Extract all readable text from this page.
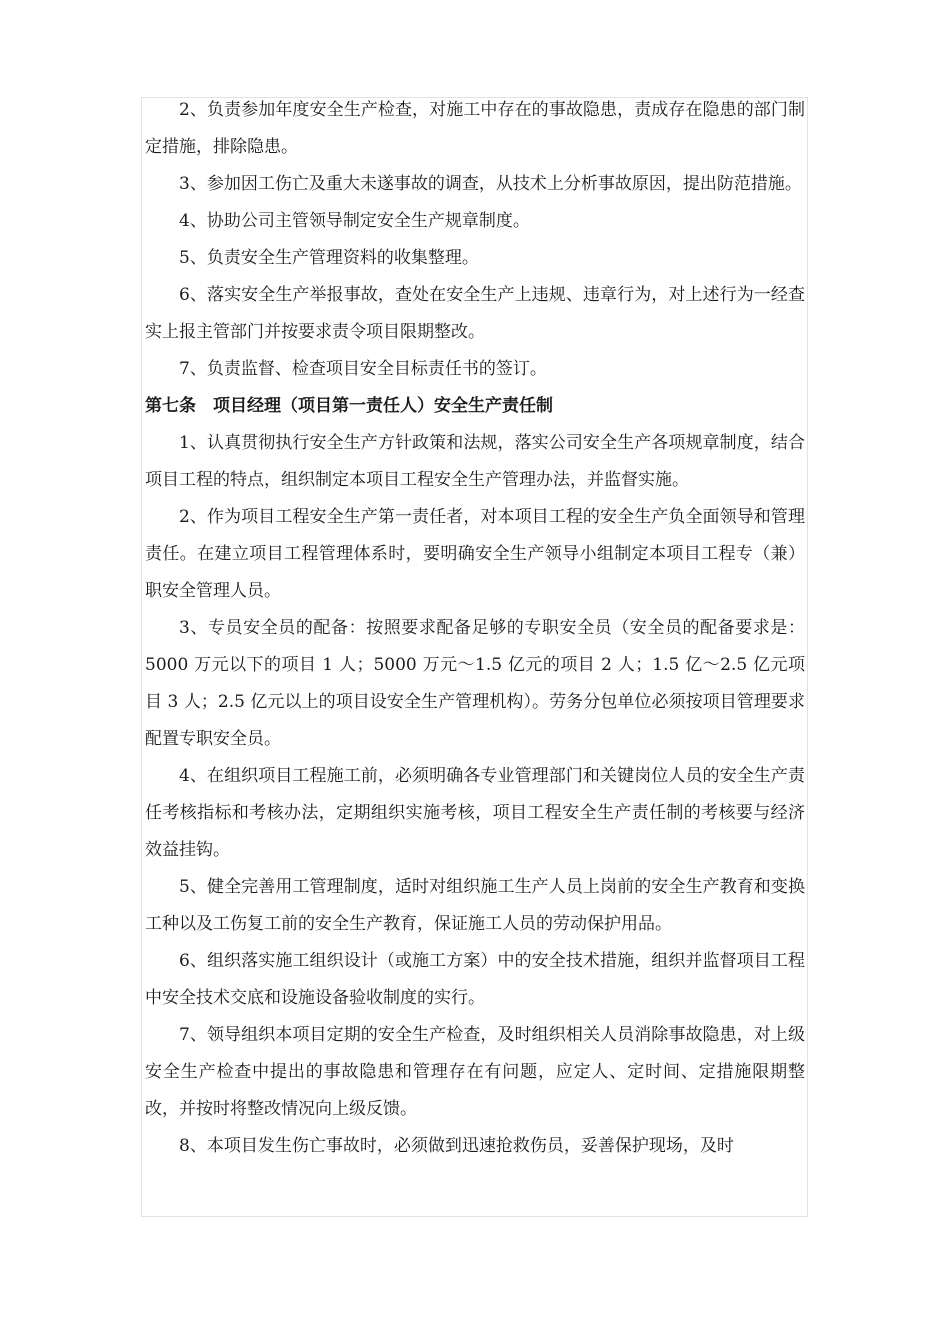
2、负责参加年度安全生产检查，对施工中存在的事故隐患，责成存在隐患的部门制定措施，排除隐患。

3、参加因工伤亡及重大未遂事故的调查，从技术上分析事故原因，提出防范措施。

4、协助公司主管领导制定安全生产规章制度。

5、负责安全生产管理资料的收集整理。

6、落实安全生产举报事故，查处在安全生产上违规、违章行为，对上述行为一经查实上报主管部门并按要求责令项目限期整改。

7、负责监督、检查项目安全目标责任书的签订。

第七条　项目经理（项目第一责任人）安全生产责任制

1、认真贯彻执行安全生产方针政策和法规，落实公司安全生产各项规章制度，结合项目工程的特点，组织制定本项目工程安全生产管理办法，并监督实施。

2、作为项目工程安全生产第一责任者，对本项目工程的安全生产负全面领导和管理责任。在建立项目工程管理体系时，要明确安全生产领导小组制定本项目工程专（兼）职安全管理人员。

3、专员安全员的配备：按照要求配备足够的专职安全员（安全员的配备要求是：5000 万元以下的项目 1 人；5000 万元～1.5 亿元的项目 2 人；1.5 亿～2.5 亿元项目 3 人；2.5 亿元以上的项目设安全生产管理机构）。劳务分包单位必须按项目管理要求配置专职安全员。

4、在组织项目工程施工前，必须明确各专业管理部门和关键岗位人员的安全生产责任考核指标和考核办法，定期组织实施考核，项目工程安全生产责任制的考核要与经济效益挂钩。

5、健全完善用工管理制度，适时对组织施工生产人员上岗前的安全生产教育和变换工种以及工伤复工前的安全生产教育，保证施工人员的劳动保护用品。

6、组织落实施工组织设计（或施工方案）中的安全技术措施，组织并监督项目工程中安全技术交底和设施设备验收制度的实行。

7、领导组织本项目定期的安全生产检查，及时组织相关人员消除事故隐患，对上级安全生产检查中提出的事故隐患和管理存在有问题，应定人、定时间、定措施限期整改，并按时将整改情况向上级反馈。

8、本项目发生伤亡事故时，必须做到迅速抢救伤员，妥善保护现场，及时
